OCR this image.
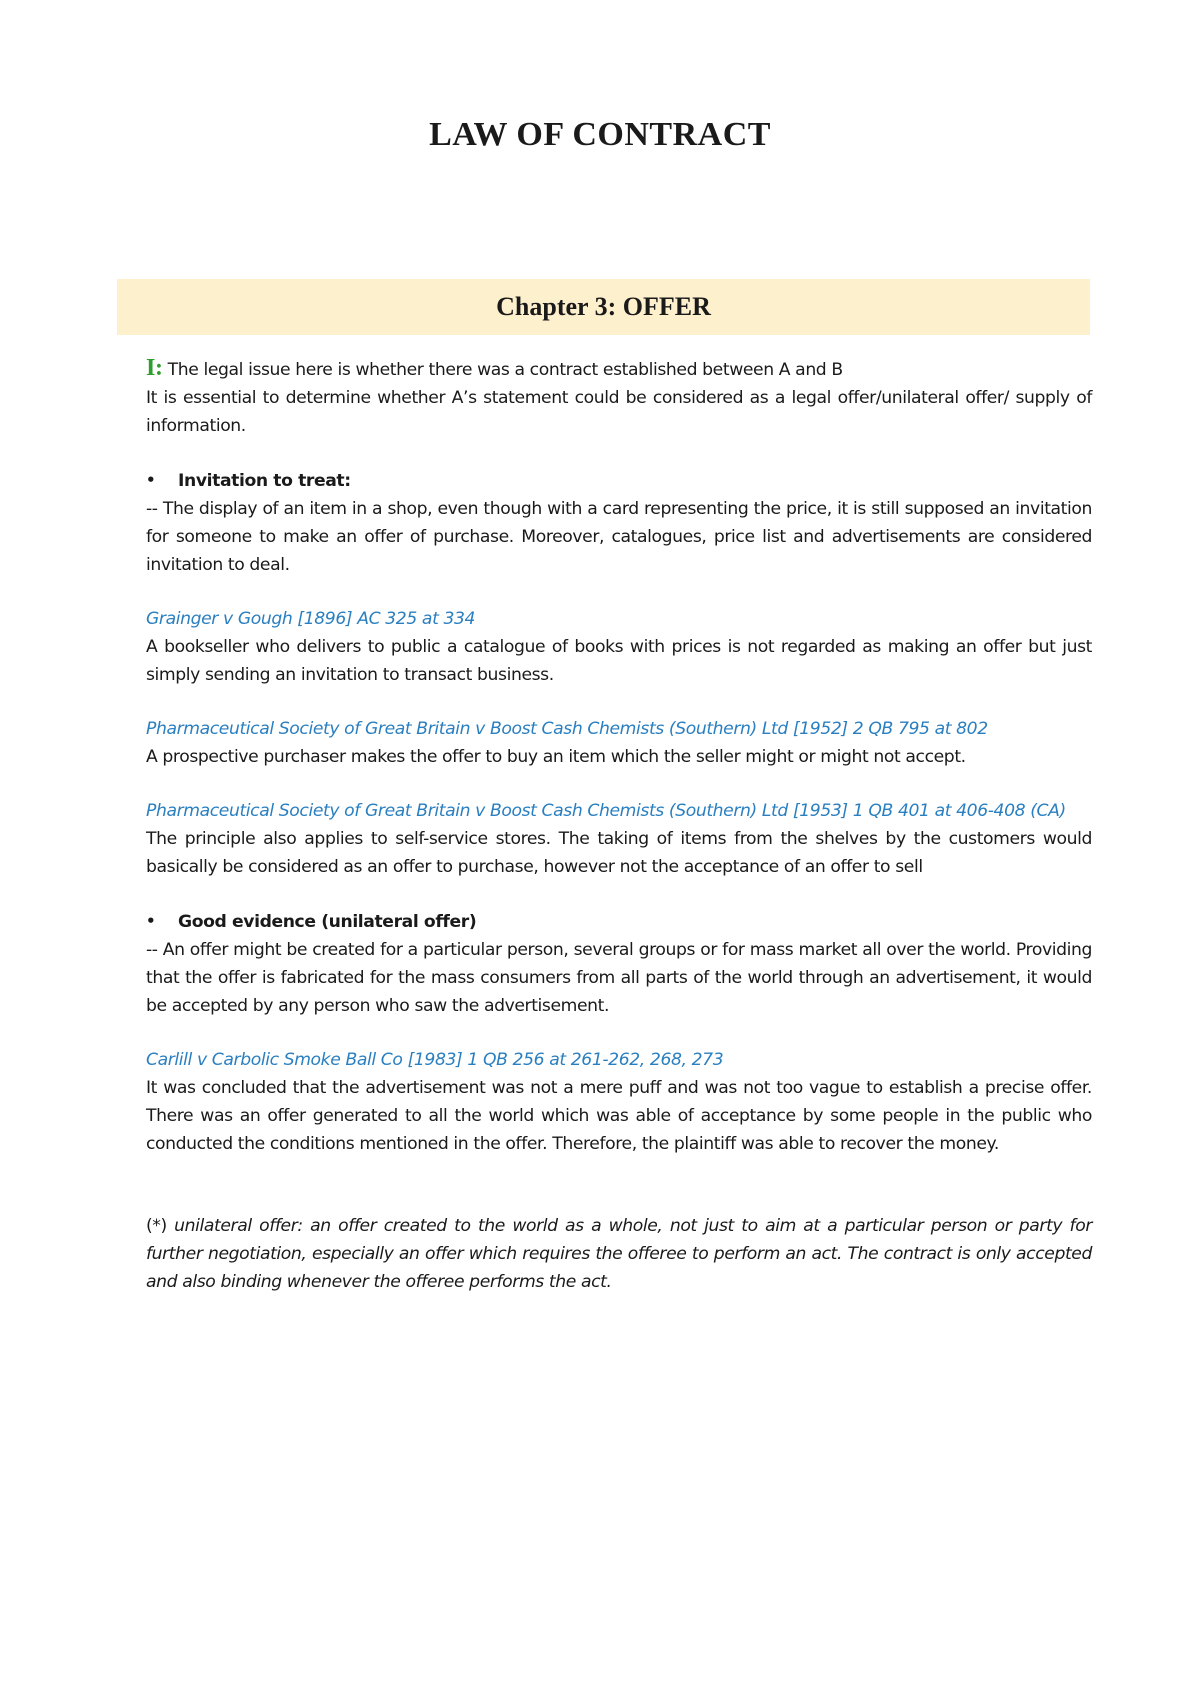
LAW OF CONTRACT
Chapter 3: OFFER

I: The legal issue here is whether there was a contract established between A and B

It is essential to determine whether A’s statement could be considered as a legal offer/unilateral offer/ supply of information.

• Invitation to treat:

-- The display of an item in a shop, even though with a card representing the price, it is still supposed an invitation for someone to make an offer of purchase. Moreover, catalogues, price list and advertisements are considered invitation to deal.

Grainger v Gough [1896] AC 325 at 334

A bookseller who delivers to public a catalogue of books with prices is not regarded as making an offer but just simply sending an invitation to transact business.

Pharmaceutical Society of Great Britain v Boost Cash Chemists (Southern) Ltd [1952] 2 QB 795 at 802

A prospective purchaser makes the offer to buy an item which the seller might or might not accept.

Pharmaceutical Society of Great Britain v Boost Cash Chemists (Southern) Ltd [1953] 1 QB 401 at 406-408 (CA)

The principle also applies to self-service stores. The taking of items from the shelves by the customers would basically be considered as an offer to purchase, however not the acceptance of an offer to sell

• Good evidence (unilateral offer)

-- An offer might be created for a particular person, several groups or for mass market all over the world. Providing that the offer is fabricated for the mass consumers from all parts of the world through an advertisement, it would be accepted by any person who saw the advertisement.

Carlill v Carbolic Smoke Ball Co [1983] 1 QB 256 at 261-262, 268, 273

It was concluded that the advertisement was not a mere puff and was not too vague to establish a precise offer. There was an offer generated to all the world which was able of acceptance by some people in the public who conducted the conditions mentioned in the offer. Therefore, the plaintiff was able to recover the money.

(*) unilateral offer: an offer created to the world as a whole, not just to aim at a particular person or party for further negotiation, especially an offer which requires the offeree to perform an act. The contract is only accepted and also binding whenever the offeree performs the act.
